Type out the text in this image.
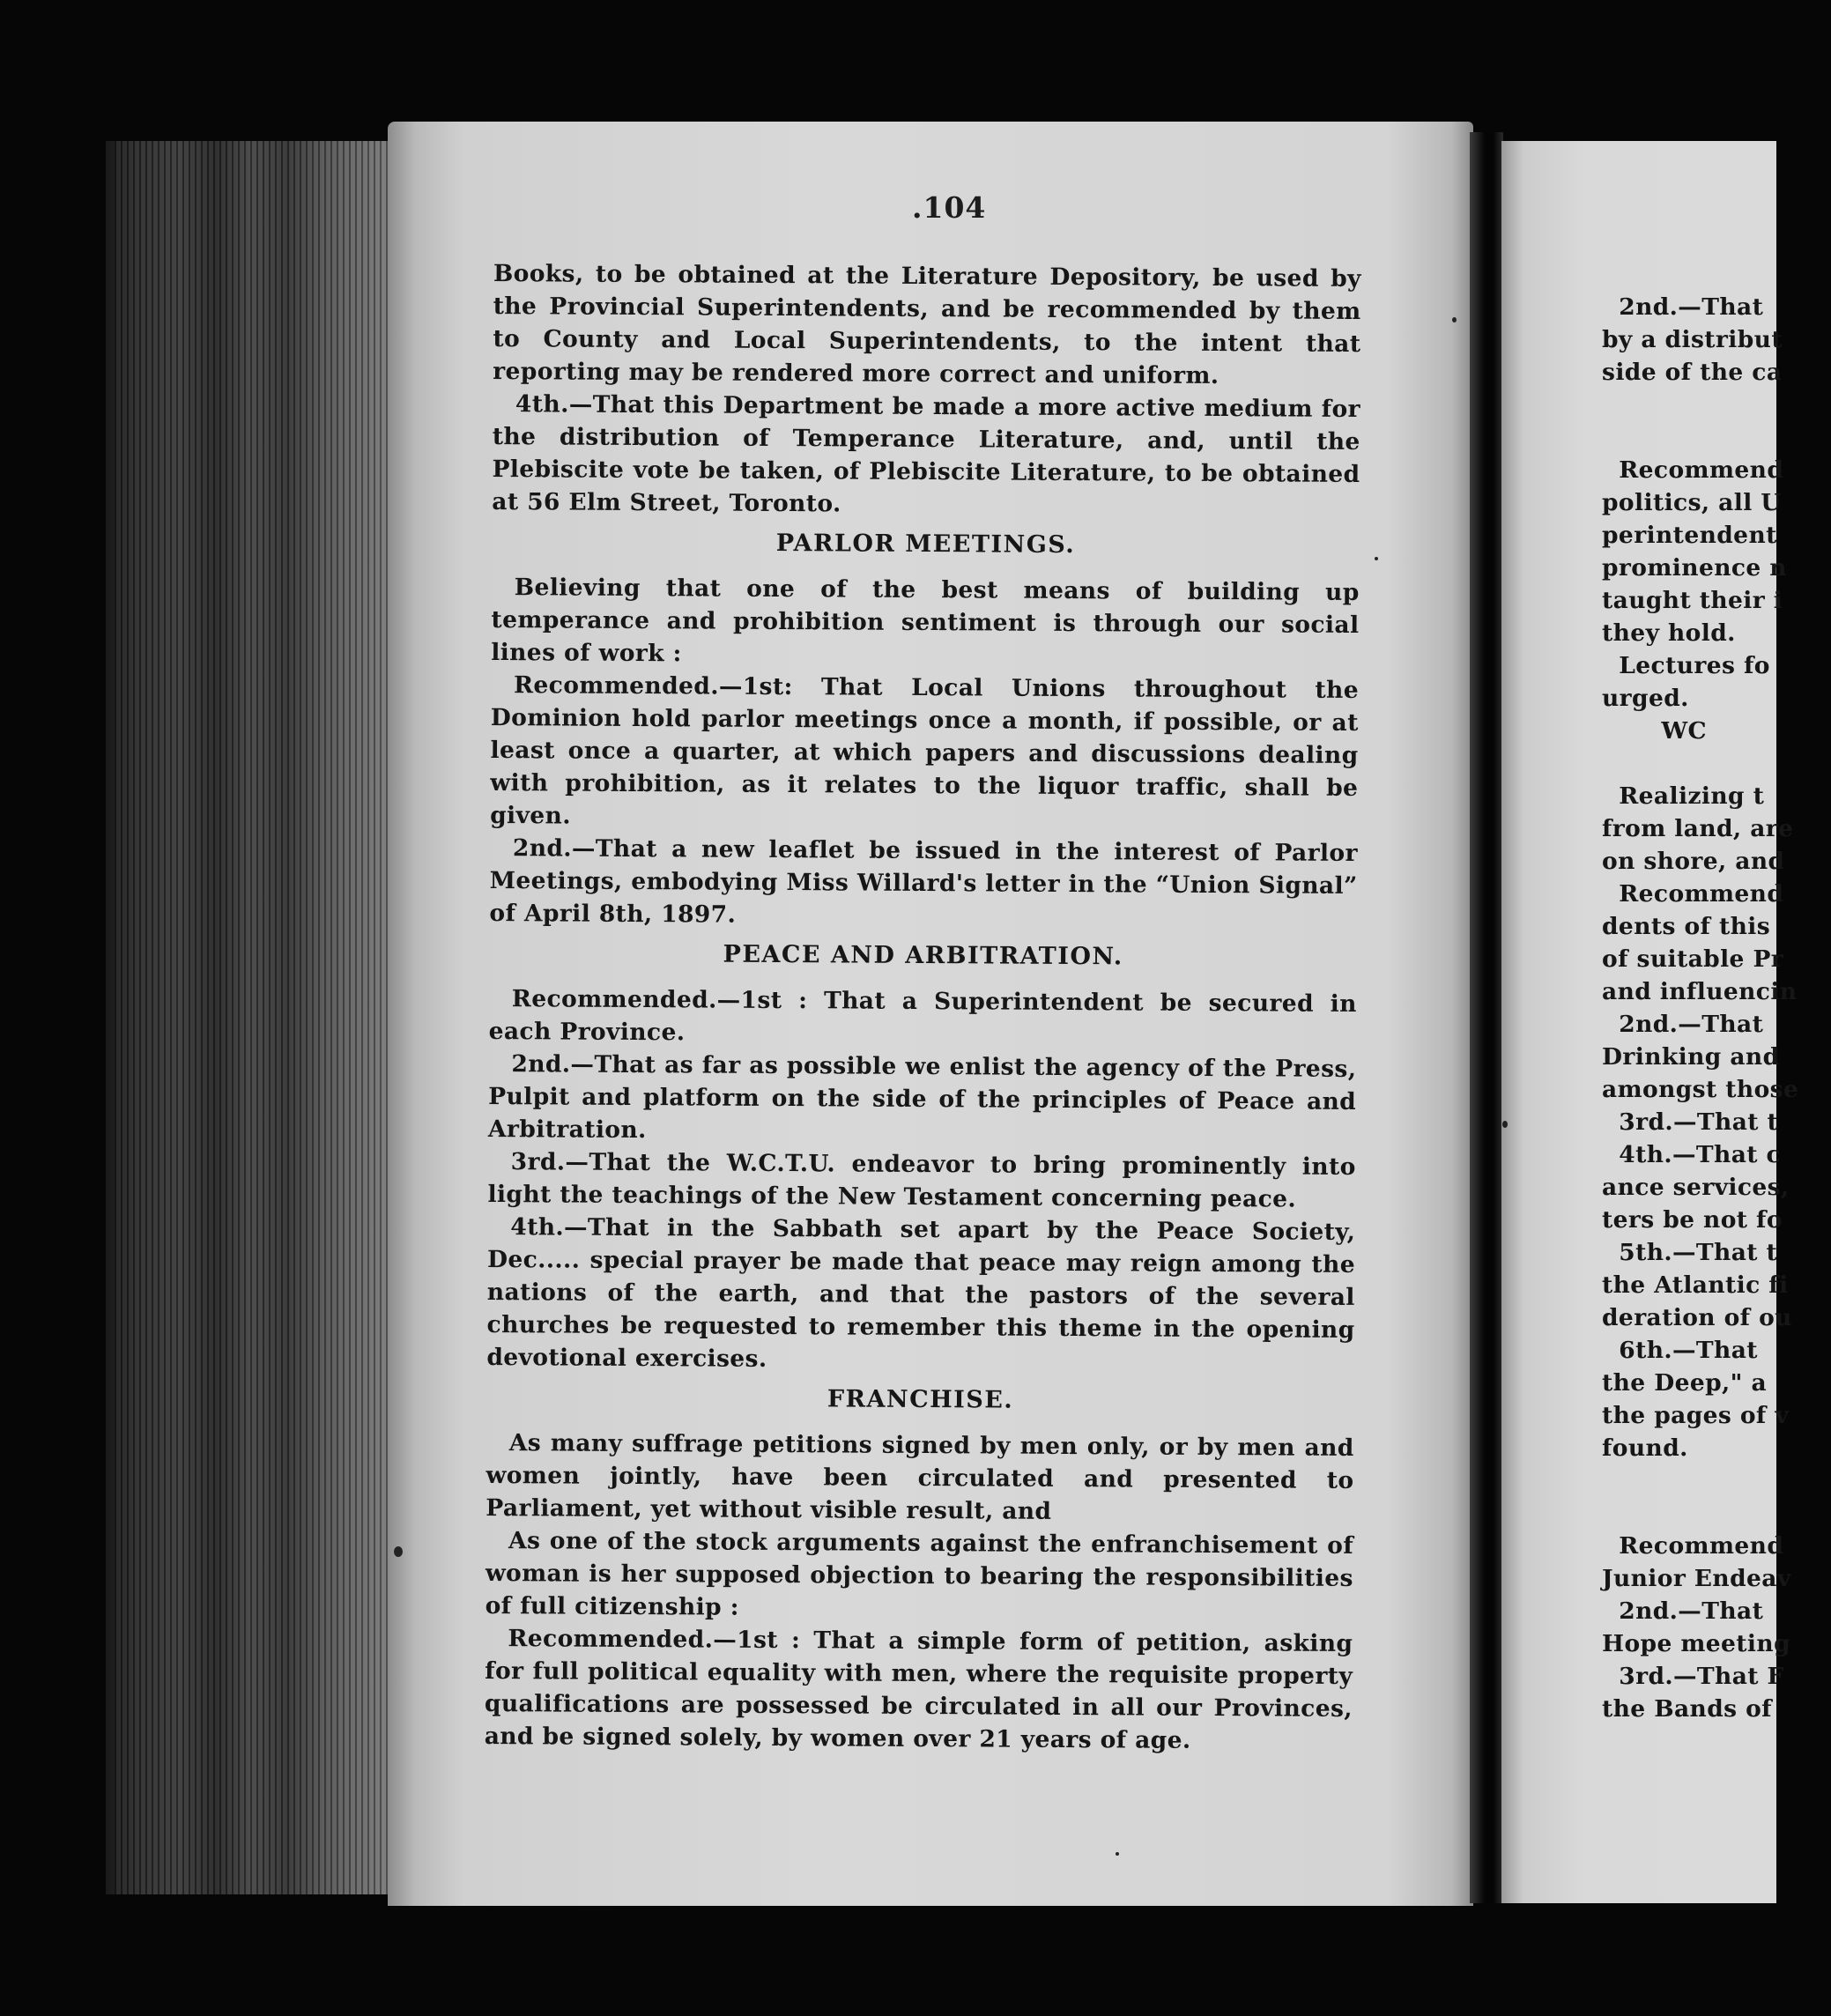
.104

Books, to be obtained at the Literature Depository, be used by the Provincial Superintendents, and be recommended by them to County and Local Superintendents, to the intent that reporting may be rendered more correct and uniform.

4th.—That this Department be made a more active medium for the distribution of Temperance Literature, and, until the Plebiscite vote be taken, of Plebiscite Literature, to be obtained at 56 Elm Street, Toronto.

PARLOR MEETINGS.

Believing that one of the best means of building up temperance and prohibition sentiment is through our social lines of work :

Recommended.—1st: That Local Unions throughout the Dominion hold parlor meetings once a month, if possible, or at least once a quarter, at which papers and discussions dealing with prohibition, as it relates to the liquor traffic, shall be given.

2nd.—That a new leaflet be issued in the interest of Parlor Meetings, embodying Miss Willard's letter in the “Union Signal” of April 8th, 1897.

PEACE AND ARBITRATION.

Recommended.—1st : That a Superintendent be secured in each Province.

2nd.—That as far as possible we enlist the agency of the Press, Pulpit and platform on the side of the principles of Peace and Arbitration.

3rd.—That the W.C.T.U. endeavor to bring prominently into light the teachings of the New Testament concerning peace.

4th.—That in the Sabbath set apart by the Peace Society, Dec..... special prayer be made that peace may reign among the nations of the earth, and that the pastors of the several churches be requested to remember this theme in the opening devotional exercises.

FRANCHISE.

As many suffrage petitions signed by men only, or by men and women jointly, have been circulated and presented to Parliament, yet without visible result, and

As one of the stock arguments against the enfranchisement of woman is her supposed objection to bearing the responsibilities of full citizenship :

Recommended.—1st : That a simple form of petition, asking for full political equality with men, where the requisite property qualifications are possessed be circulated in all our Provinces, and be signed solely, by women over 21 years of age.

2nd.—That
by a distribut
side of the ca
Recommend
politics, all U
perintendent
prominence n
taught their i
they hold.
Lectures fo
urged.
WC
Realizing t
from land, are
on shore, and
Recommend
dents of this
of suitable Pr
and influencin
2nd.—That
Drinking and
amongst those
3rd.—That t
4th.—That c
ance services,
ters be not fo
5th.—That t
the Atlantic fi
deration of ou
6th.—That
the Deep," a
the pages of v
found.
Recommend
Junior Endeav
2nd.—That
Hope meeting
3rd.—That F
the Bands of
